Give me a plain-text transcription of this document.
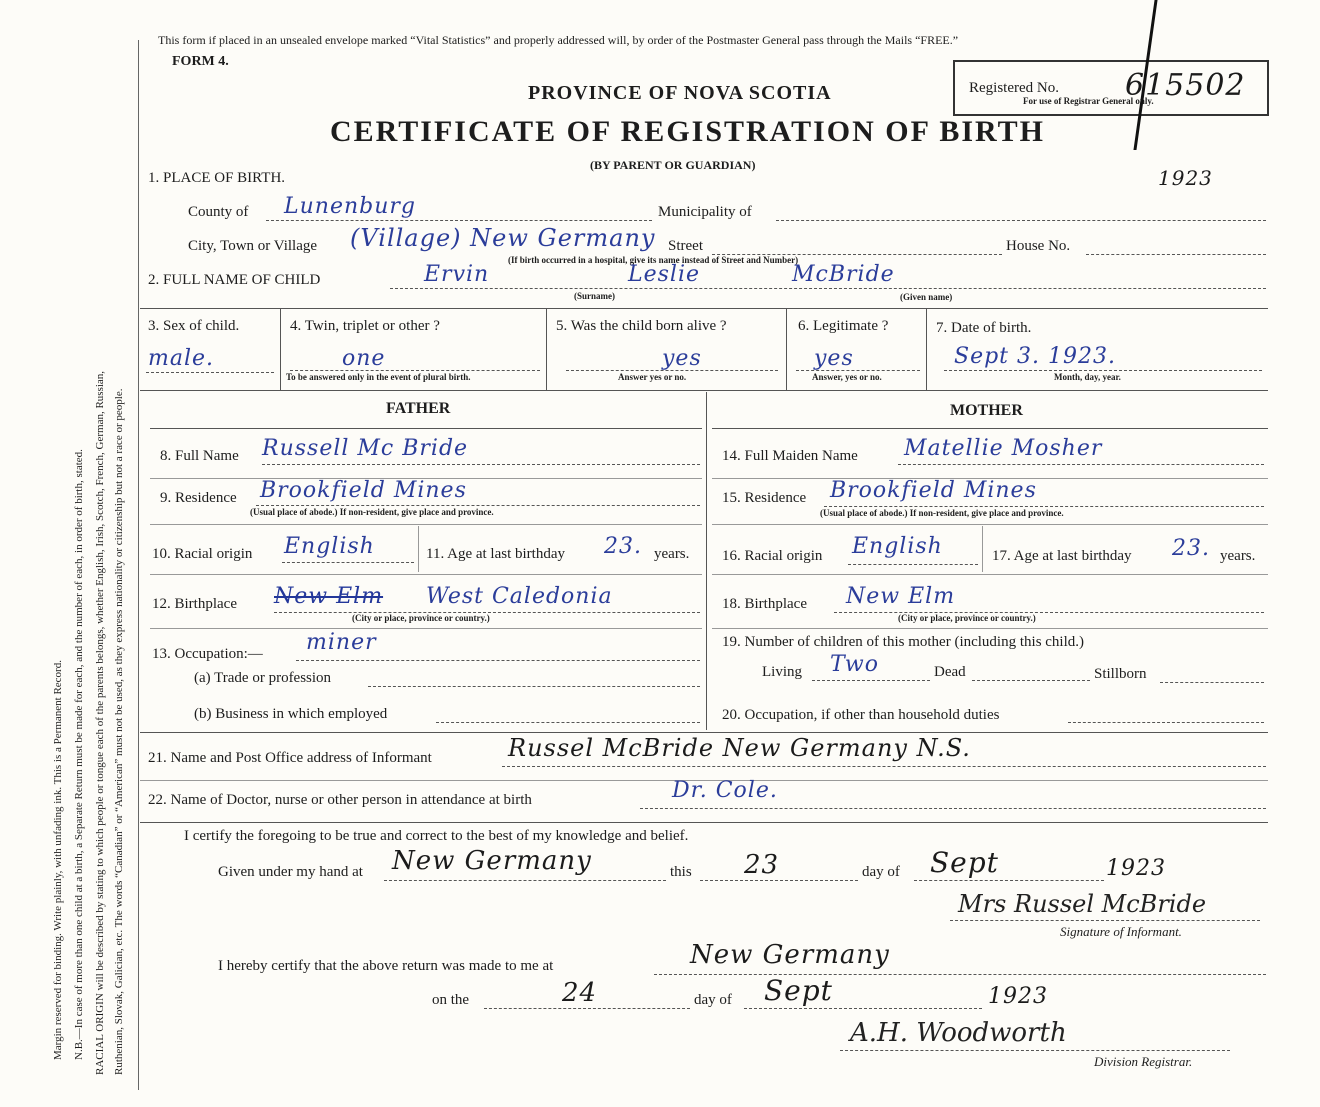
Margin reserved for binding. Write plainly, with unfading ink. This is a Permanent Record. N.B.—In case of more than one child at a birth, a Separate Return must be made for each, and the number of each, in order of birth, stated. RACIAL ORIGIN will be described by stating to which people or tongue each of the parents belongs, whether English, Irish, Scotch, French, German, Russian, Ruthenian, Slovak, Galician, etc. The words “Canadian” or “American” must not be used, as they express nationality or citizenship but not a race or people.
This form if placed in an unsealed envelope marked “Vital Statistics” and properly addressed will, by order of the Postmaster General pass through the Mails “FREE.”
FORM 4.
PROVINCE OF NOVA SCOTIA
CERTIFICATE OF REGISTRATION OF BIRTH
(BY PARENT OR GUARDIAN)
Registered No.
For use of Registrar General only.
615502
1923
1. PLACE OF BIRTH.
County of Lunenburg	Municipality of
City, Town or Village (Village) New Germany Street	House No.
(If birth occurred in a hospital, give its name instead of Street and Number)
2. FULL NAME OF CHILD	Ervin	Leslie	McBride
(Surname)	(Given name)
3. Sex of child.
male.
4. Twin, triplet or other ?
one
To be answered only in the event of plural birth.
5. Was the child born alive ?
yes
Answer yes or no.
6. Legitimate ?
yes
Answer, yes or no.
7. Date of birth.
Sept 3. 1923.
Month, day, year.
FATHER	MOTHER
8. Full Name Russell Mc Bride
9. Residence Brookfield Mines
(Usual place of abode.) If non-resident, give place and province.
10. Racial origin English	11. Age at last birthday 23. years.
12. Birthplace New Elm West Caledonia
(City or place, province or country.)
13. Occupation:— miner
(a) Trade or profession
(b) Business in which employed
14. Full Maiden Name Matellie Mosher
15. Residence Brookfield Mines
(Usual place of abode.) If non-resident, give place and province.
16. Racial origin English	17. Age at last birthday 23. years.
18. Birthplace New Elm
(City or place, province or country.)
19. Number of children of this mother (including this child.)
Living Two	Dead	Stillborn
20. Occupation, if other than household duties
21. Name and Post Office address of Informant	Russel McBride New Germany N.S.
22. Name of Doctor, nurse or other person in attendance at birth	Dr. Cole.
I certify the foregoing to be true and correct to the best of my knowledge and belief.
Given under my hand at New Germany	this 23	day of Sept	1923
Mrs Russel McBride
Signature of Informant.
I hereby certify that the above return was made to me at	New Germany
on the	24	day of Sept	1923
A.H. Woodworth
Division Registrar.
